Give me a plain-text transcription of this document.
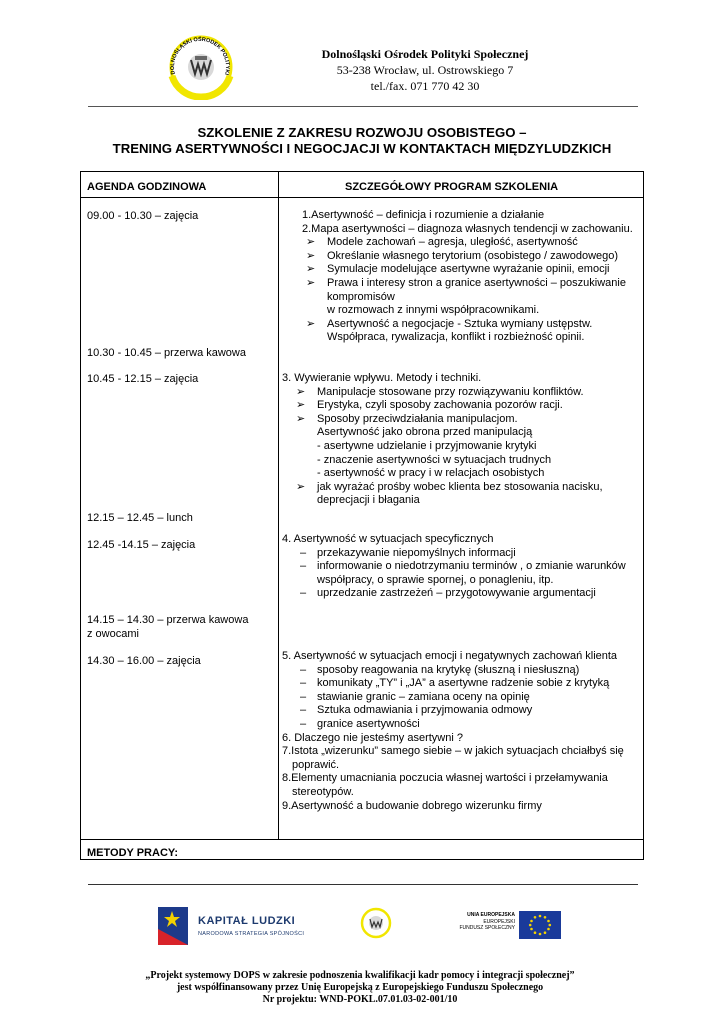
DOLNOŚLĄSKI OŚRODEK POLITYKI
Dolnośląski Ośrodek Polityki Społecznej
53-238 Wrocław, ul. Ostrowskiego 7
tel./fax. 071 770 42 30
SZKOLENIE Z ZAKRESU ROZWOJU OSOBISTEGO –
TRENING ASERTYWNOŚCI I NEGOCJACJI W KONTAKTACH MIĘDZYLUDZKICH
AGENDA GODZINOWA	SZCZEGÓŁOWY PROGRAM SZKOLENIA
09.00 - 10.30 – zajęcia
10.30 - 10.45 – przerwa kawowa
10.45 - 12.15 – zajęcia
12.15 – 12.45 – lunch
12.45 -14.15 – zajęcia
14.15 – 14.30 – przerwa kawowa
z owocami
14.30 – 16.00 – zajęcia
1.Asertywność – definicja i rozumienie a działanie
2.Mapa asertywności – diagnoza własnych tendencji w zachowaniu.
➢ Modele zachowań – agresja, uległość, asertywność
➢ Określanie własnego terytorium (osobistego / zawodowego)
➢ Symulacje modelujące asertywne wyrażanie opinii, emocji
➢ Prawa i interesy stron a granice asertywności – poszukiwanie
kompromisów
w rozmowach z innymi współpracownikami.
➢ Asertywność a negocjacje - Sztuka wymiany ustępstw.
Współpraca, rywalizacja, konflikt i rozbieżność opinii.
3. Wywieranie wpływu. Metody i techniki.
➢ Manipulacje stosowane przy rozwiązywaniu konfliktów.
➢ Erystyka, czyli sposoby zachowania pozorów racji.
➢ Sposoby przeciwdziałania manipulacjom.
Asertywność jako obrona przed manipulacją
- asertywne udzielanie i przyjmowanie krytyki
- znaczenie asertywności w sytuacjach trudnych
- asertywność w pracy i w relacjach osobistych
➢ jak wyrażać prośby wobec klienta bez stosowania nacisku,
deprecjacji i błagania
4. Asertywność w sytuacjach specyficznych
– przekazywanie niepomyślnych informacji
– informowanie o niedotrzymaniu terminów , o zmianie warunków
współpracy, o sprawie spornej, o ponagleniu, itp.
– uprzedzanie zastrzeżeń – przygotowywanie argumentacji
5. Asertywność w sytuacjach emocji i negatywnych zachowań klienta
– sposoby reagowania na krytykę (słuszną i niesłuszną)
– komunikaty „TY” i „JA” a asertywne radzenie sobie z krytyką
– stawianie granic – zamiana oceny na opinię
– Sztuka odmawiania i przyjmowania odmowy
– granice asertywności
6. Dlaczego nie jesteśmy asertywni ?
7.Istota „wizerunku” samego siebie – w jakich sytuacjach chciałbyś się
poprawić.
8.Elementy umacniania poczucia własnej wartości i przełamywania
stereotypów.
9.Asertywność a budowanie dobrego wizerunku firmy
METODY PRACY:
KAPITAŁ LUDZKI
NARODOWA STRATEGIA SPÓJNOŚCI
UNIA EUROPEJSKA
EUROPEJSKI
FUNDUSZ SPOŁECZNY
„Projekt systemowy DOPS w zakresie podnoszenia kwalifikacji kadr pomocy i integracji społecznej”
jest współfinansowany przez Unię Europejską z Europejskiego Funduszu Społecznego
Nr projektu: WND-POKL.07.01.03-02-001/10
